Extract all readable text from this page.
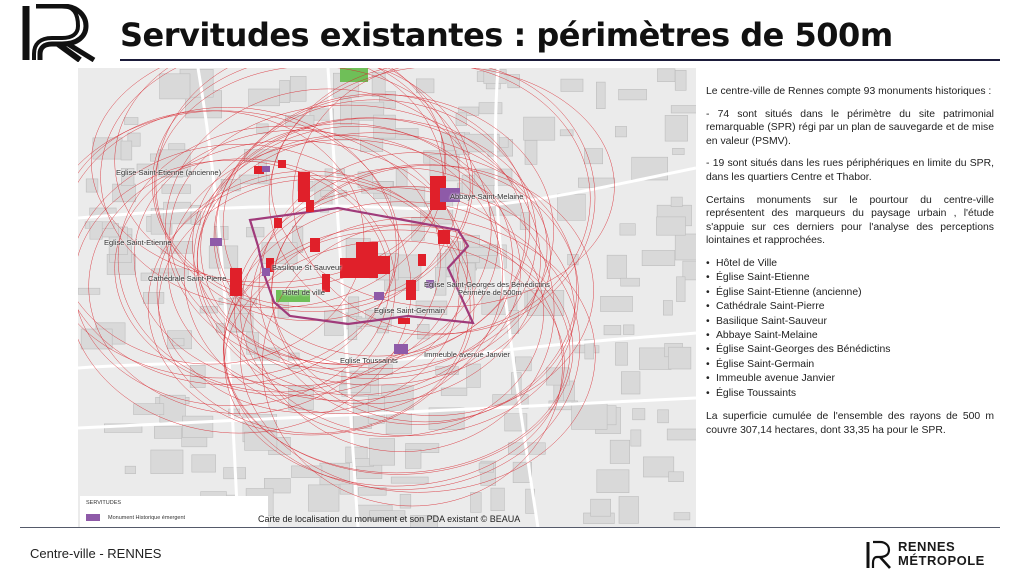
Servitudes existantes : périmètres de 500m
Eglise Saint-Etienne (ancienne)
Abbaye Saint-Melaine
Eglise Saint-Etienne
Basilique St Sauveur
Cathédrale Saint-Pierre
Hôtel de ville
Eglise Saint-Georges des Bénédictins
Périmètre de 500m
Eglise Saint-Germain
Eglise Toussaints
Immeuble avenue Janvier
SERVITUDES
Monument Historique émergent	Carte de localisation du monument et son PDA existant © BEAUA

Le centre-ville de Rennes compte 93 monuments historiques :

- 74 sont situés dans le périmètre du site patrimonial remarquable (SPR) régi par un plan de sauvegarde et de mise en valeur (PSMV).

- 19 sont situés dans les rues périphériques en limite du SPR, dans les quartiers Centre et Thabor.

Certains monuments sur le pourtour du centre-ville représentent des marqueurs du paysage urbain , l'étude s'appuie sur ces derniers pour l'analyse des perceptions lointaines et rapprochées.

• Hôtel de Ville
• Église Saint-Etienne
• Église Saint-Etienne (ancienne)
• Cathédrale Saint-Pierre
• Basilique Saint-Sauveur
• Abbaye Saint-Melaine
• Église Saint-Georges des Bénédictins
• Église Saint-Germain
• Immeuble avenue Janvier
• Église Toussaints

La superficie cumulée de l'ensemble des rayons de 500 m couvre 307,14 hectares, dont 33,35 ha pour le SPR.

Centre-ville - RENNES	RENNES
MÉTROPOLE
